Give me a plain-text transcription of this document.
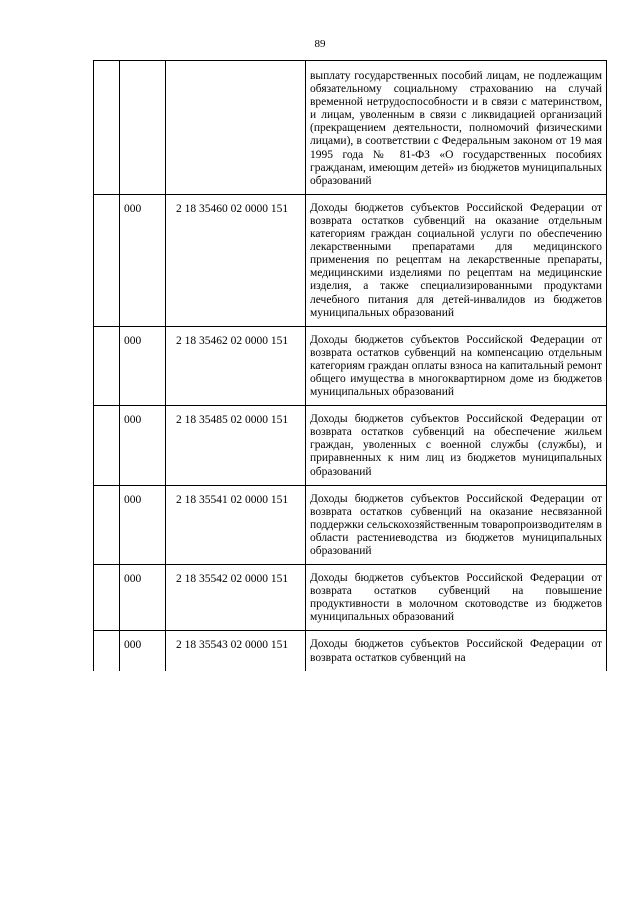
89
			выплату государственных пособий лицам, не подлежащим обязательному социальному страхованию на случай временной нетрудоспособности и в связи с материнством, и лицам, уволенным в связи с ликвидацией организаций (прекращением деятельности, полномочий физическими лицами), в соответствии с Федеральным законом от 19 мая 1995 года № 81-ФЗ «О государственных пособиях гражданам, имеющим детей» из бюджетов муниципальных образований
	000	2 18 35460 02 0000 151	Доходы бюджетов субъектов Российской Федерации от возврата остатков субвенций на оказание отдельным категориям граждан социальной услуги по обеспечению лекарственными препаратами для медицинского применения по рецептам на лекарственные препараты, медицинскими изделиями по рецептам на медицинские изделия, а также специализированными продуктами лечебного питания для детей-инвалидов из бюджетов муниципальных образований
	000	2 18 35462 02 0000 151	Доходы бюджетов субъектов Российской Федерации от возврата остатков субвенций на компенсацию отдельным категориям граждан оплаты взноса на капитальный ремонт общего имущества в многоквартирном доме из бюджетов муниципальных образований
	000	2 18 35485 02 0000 151	Доходы бюджетов субъектов Российской Федерации от возврата остатков субвенций на обеспечение жильем граждан, уволенных с военной службы (службы), и приравненных к ним лиц из бюджетов муниципальных образований
	000	2 18 35541 02 0000 151	Доходы бюджетов субъектов Российской Федерации от возврата остатков субвенций на оказание несвязанной поддержки сельскохозяйственным товаропроизводителям в области растениеводства из бюджетов муниципальных образований
	000	2 18 35542 02 0000 151	Доходы бюджетов субъектов Российской Федерации от возврата остатков субвенций на повышение продуктивности в молочном скотоводстве из бюджетов муниципальных образований
	000	2 18 35543 02 0000 151	Доходы бюджетов субъектов Российской Федерации от возврата остатков субвенций на
